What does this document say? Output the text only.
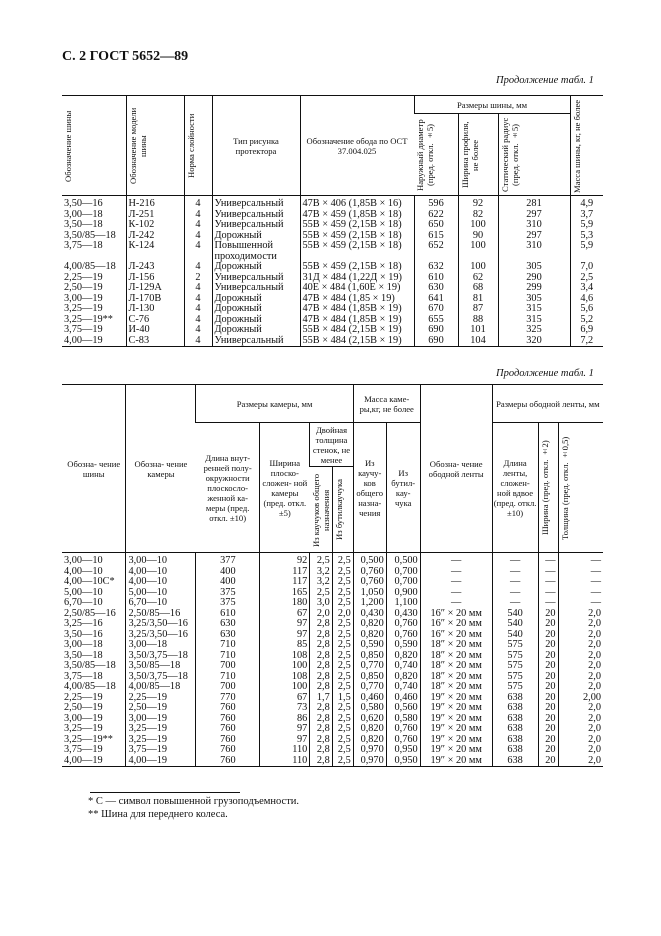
С. 2 ГОСТ 5652—89
Продолжение табл. 1
Обозначение шины	Обозначение модели шины	Норма слойности	Тип рисунка протектора	Обозначение обода по ОСТ 37.004.025	Размеры шины, мм			Масса шины, кг, не более

					Наружный диаметр (пред. откл. ±5)	Ширина профиля, не более	Статический радиус (пред. откл. ±5)	

3,50—16	Н-216	4	Универсальный	47В × 406 (1,85В × 16)	596	92	281	4,9
3,00—18	Л-251	4	Универсальный	47В × 459 (1,85В × 18)	622	82	297	3,7
3,50—18	К-102	4	Универсальный	55В × 459 (2,15В × 18)	650	100	310	5,9
3,50/85—18	Л-242	4	Дорожный	55В × 459 (2,15В × 18)	615	90	297	5,3
3,75—18	К-124	4	Повышенной	55В × 459 (2,15В × 18)	652	100	310	5,9
			проходимости					
4,00/85—18	Л-243	4	Дорожный	55В × 459 (2,15В × 18)	632	100	305	7,0
2,25—19	Л-156	2	Универсальный	31Д × 484 (1,22Д × 19)	610	62	290	2,5
2,50—19	Л-129А	4	Универсальный	40Е × 484 (1,60Е × 19)	630	68	299	3,4
3,00—19	Л-170В	4	Дорожный	47В × 484 (1,85 × 19)	641	81	305	4,6
3,25—19	Л-130	4	Дорожный	47В × 484 (1,85В × 19)	670	87	315	5,6
3,25—19**	С-76	4	Дорожный	47В × 484 (1,85В × 19)	655	88	315	5,2
3,75—19	И-40	4	Дорожный	55В × 484 (2,15В × 19)	690	101	325	6,9
4,00—19	С-83	4	Универсальный	55В × 484 (2,15В × 19)	690	104	320	7,2
Продолжение табл. 1
Обозна- чение шины	Обозна- чение камеры	Размеры камеры, мм				Масса каме- ры,кг, не более		Обозна- чение ободной ленты	Размеры ободной ленты, мм		
		Длина внут- ренней полу- окружности плоскосло- женной ка- меры (пред. откл. ±10)	Ширина плоско- сложен- ной камеры (пред. откл. ±5)	Двойная толщина стенок, не менее		Из каучу- ков общего назна- чения	Из бутил- кау- чука		Длина ленты, сложен- ной вдвое (пред. откл. ±10)	Ширина (пред. откл. ±2)	Толщина (пред. откл. ±0,5)

				Из каучуков общего назначения	Из бутилкаучука						

3,00—10	3,00—10	377	92	2,5	2,5	0,500	0,500	—	—	—	—
4,00—10	4,00—10	400	117	3,2	2,5	0,760	0,700	—	—	—	—
4,00—10С*	4,00—10	400	117	3,2	2,5	0,760	0,700	—	—	—	—
5,00—10	5,00—10	375	165	2,5	2,5	1,050	0,900	—	—	—	—
6,70—10	6,70—10	375	180	3,0	2,5	1,200	1,100	—	—	—	—
2,50/85—16	2,50/85—16	610	67	2,0	2,0	0,430	0,430	16″ × 20 мм	540	20	2,0
3,25—16	3,25/3,50—16	630	97	2,8	2,5	0,820	0,760	16″ × 20 мм	540	20	2,0
3,50—16	3,25/3,50—16	630	97	2,8	2,5	0,820	0,760	16″ × 20 мм	540	20	2,0
3,00—18	3,00—18	710	85	2,8	2,5	0,590	0,590	18″ × 20 мм	575	20	2,0
3,50—18	3,50/3,75—18	710	108	2,8	2,5	0,850	0,820	18″ × 20 мм	575	20	2,0
3,50/85—18	3,50/85—18	700	100	2,8	2,5	0,770	0,740	18″ × 20 мм	575	20	2,0
3,75—18	3,50/3,75—18	710	108	2,8	2,5	0,850	0,820	18″ × 20 мм	575	20	2,0
4,00/85—18	4,00/85—18	700	100	2,8	2,5	0,770	0,740	18″ × 20 мм	575	20	2,0
2,25—19	2,25—19	770	67	1,7	1,5	0,460	0,460	19″ × 20 мм	638	20	2,00
2,50—19	2,50—19	760	73	2,8	2,5	0,580	0,560	19″ × 20 мм	638	20	2,0
3,00—19	3,00—19	760	86	2,8	2,5	0,620	0,580	19″ × 20 мм	638	20	2,0
3,25—19	3,25—19	760	97	2,8	2,5	0,820	0,760	19″ × 20 мм	638	20	2,0
3,25—19**	3,25—19	760	97	2,8	2,5	0,820	0,760	19″ × 20 мм	638	20	2,0
3,75—19	3,75—19	760	110	2,8	2,5	0,970	0,950	19″ × 20 мм	638	20	2,0
4,00—19	4,00—19	760	110	2,8	2,5	0,970	0,950	19″ × 20 мм	638	20	2,0
* С — символ повышенной грузоподъемности.
** Шина для переднего колеса.
